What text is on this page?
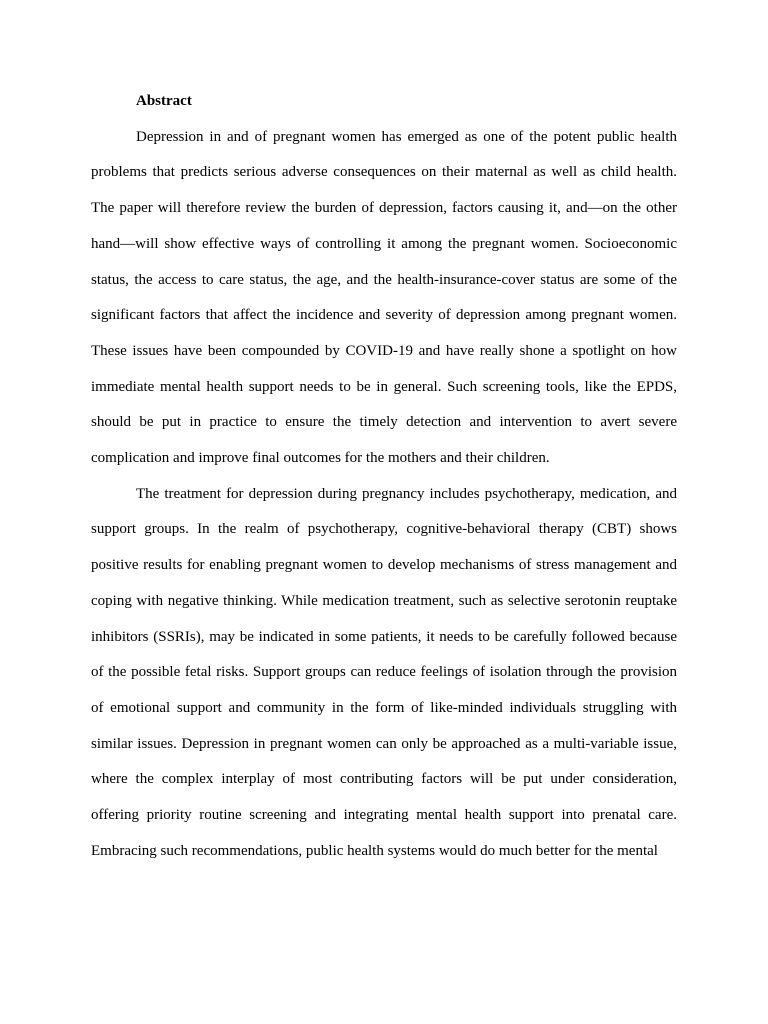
Abstract

Depression in and of pregnant women has emerged as one of the potent public health problems that predicts serious adverse consequences on their maternal as well as child health. The paper will therefore review the burden of depression, factors causing it, and—on the other hand—will show effective ways of controlling it among the pregnant women. Socioeconomic status, the access to care status, the age, and the health-insurance-cover status are some of the significant factors that affect the incidence and severity of depression among pregnant women. These issues have been compounded by COVID-19 and have really shone a spotlight on how immediate mental health support needs to be in general. Such screening tools, like the EPDS, should be put in practice to ensure the timely detection and intervention to avert severe complication and improve final outcomes for the mothers and their children.

The treatment for depression during pregnancy includes psychotherapy, medication, and support groups. In the realm of psychotherapy, cognitive-behavioral therapy (CBT) shows positive results for enabling pregnant women to develop mechanisms of stress management and coping with negative thinking. While medication treatment, such as selective serotonin reuptake inhibitors (SSRIs), may be indicated in some patients, it needs to be carefully followed because of the possible fetal risks. Support groups can reduce feelings of isolation through the provision of emotional support and community in the form of like-minded individuals struggling with similar issues. Depression in pregnant women can only be approached as a multi-variable issue, where the complex interplay of most contributing factors will be put under consideration, offering priority routine screening and integrating mental health support into prenatal care. Embracing such recommendations, public health systems would do much better for the mental
